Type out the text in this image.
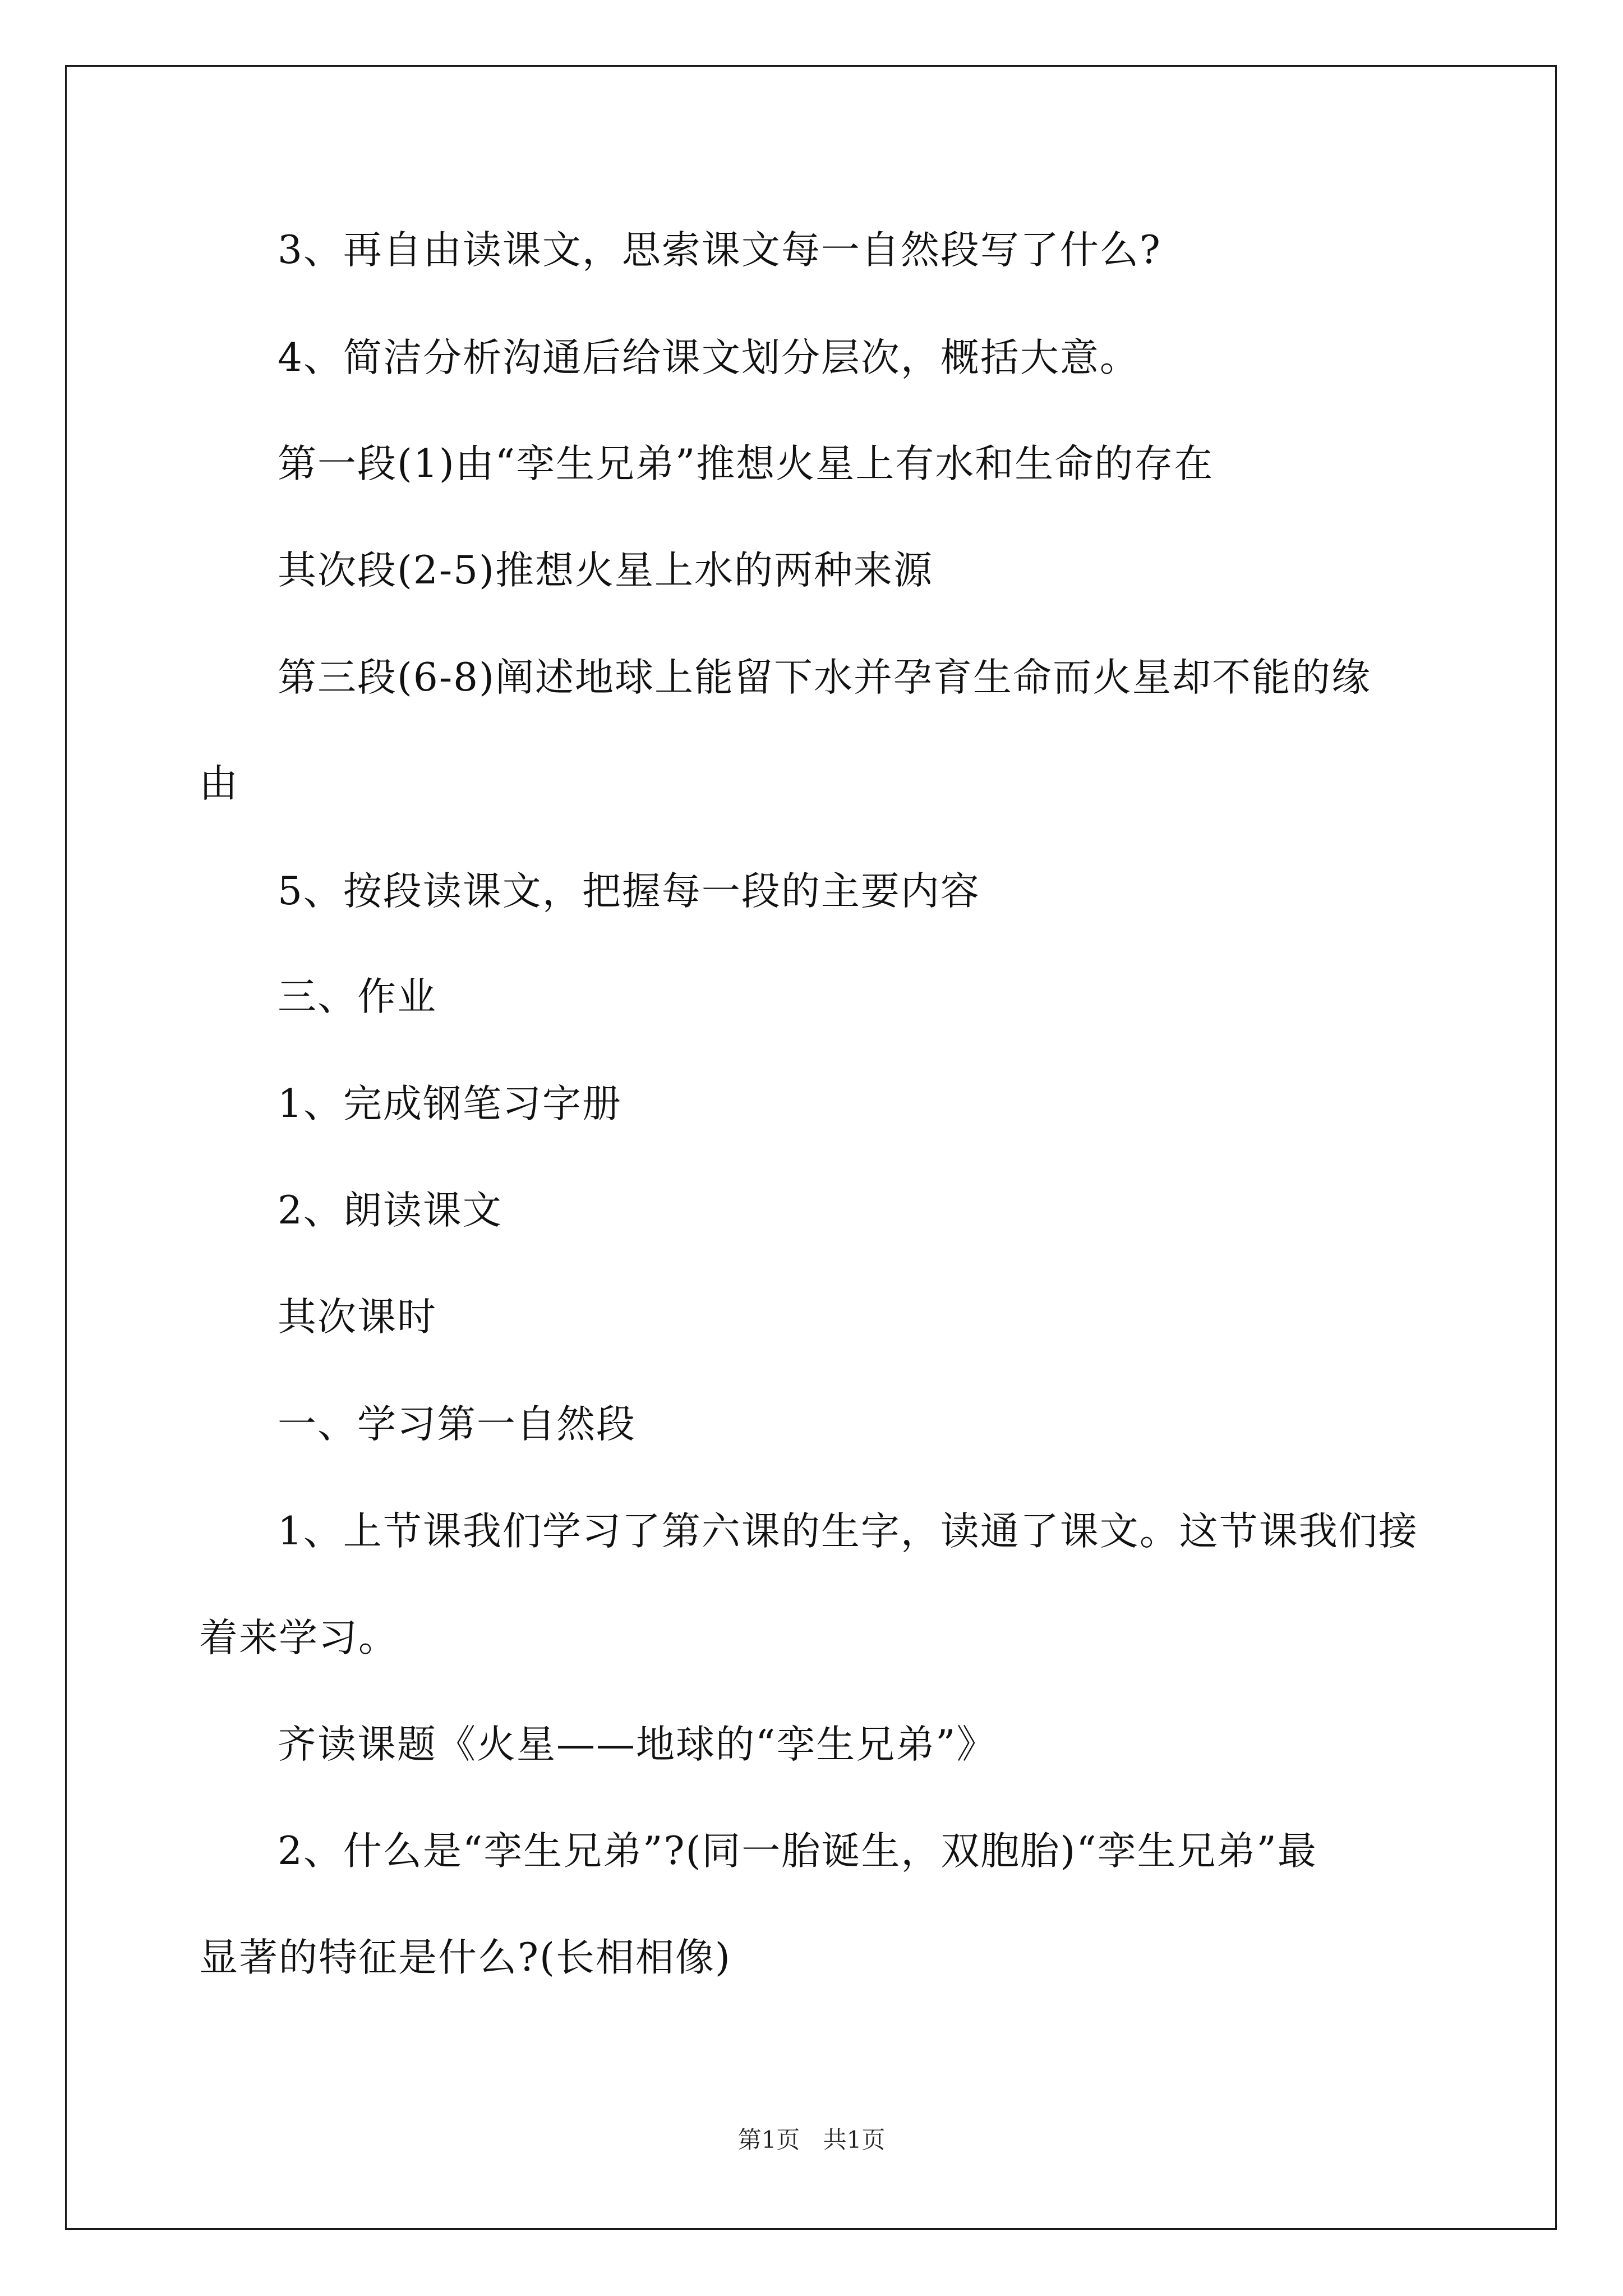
3、再自由读课文，思索课文每一自然段写了什么?
4、简洁分析沟通后给课文划分层次，概括大意。
第一段(1)由“孪生兄弟”推想火星上有水和生命的存在
其次段(2-5)推想火星上水的两种来源
第三段(6-8)阐述地球上能留下水并孕育生命而火星却不能的缘
由
5、按段读课文，把握每一段的主要内容
三、作业
1、完成钢笔习字册
2、朗读课文
其次课时
一、学习第一自然段
1、上节课我们学习了第六课的生字，读通了课文。这节课我们接
着来学习。
齐读课题《火星——地球的“孪生兄弟”》
2、什么是“孪生兄弟”?(同一胎诞生，双胞胎)“孪生兄弟”最
显著的特征是什么?(长相相像)
第1页 共1页
